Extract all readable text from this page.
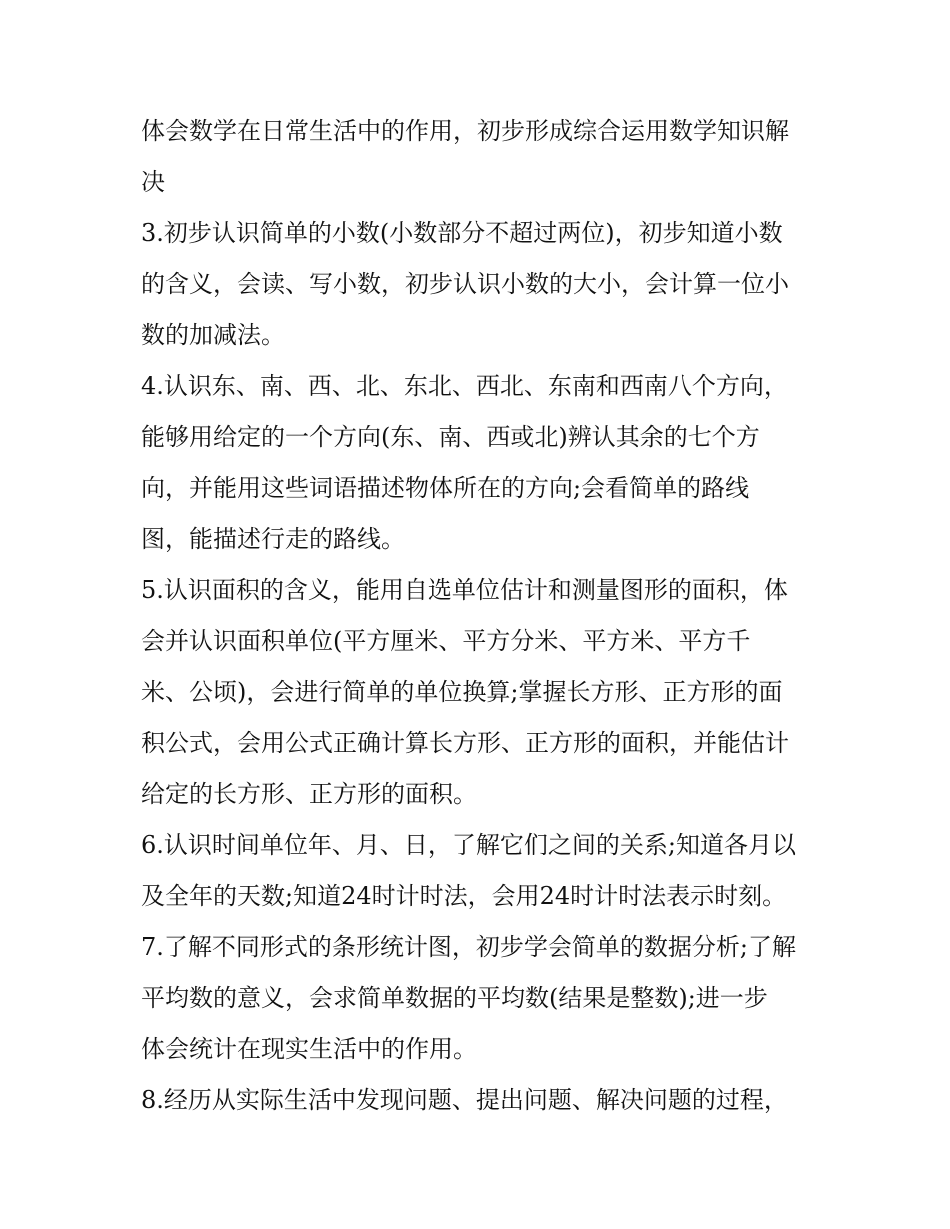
体会数学在日常生活中的作用，初步形成综合运用数学知识解
决
3.初步认识简单的小数(小数部分不超过两位)，初步知道小数
的含义，会读、写小数，初步认识小数的大小，会计算一位小
数的加减法。
4.认识东、南、西、北、东北、西北、东南和西南八个方向，
能够用给定的一个方向(东、南、西或北)辨认其余的七个方
向，并能用这些词语描述物体所在的方向;会看简单的路线
图，能描述行走的路线。
5.认识面积的含义，能用自选单位估计和测量图形的面积，体
会并认识面积单位(平方厘米、平方分米、平方米、平方千
米、公顷)，会进行简单的单位换算;掌握长方形、正方形的面
积公式，会用公式正确计算长方形、正方形的面积，并能估计
给定的长方形、正方形的面积。
6.认识时间单位年、月、日，了解它们之间的关系;知道各月以
及全年的天数;知道24时计时法，会用24时计时法表示时刻。
7.了解不同形式的条形统计图，初步学会简单的数据分析;了解
平均数的意义，会求简单数据的平均数(结果是整数);进一步
体会统计在现实生活中的作用。
8.经历从实际生活中发现问题、提出问题、解决问题的过程，
